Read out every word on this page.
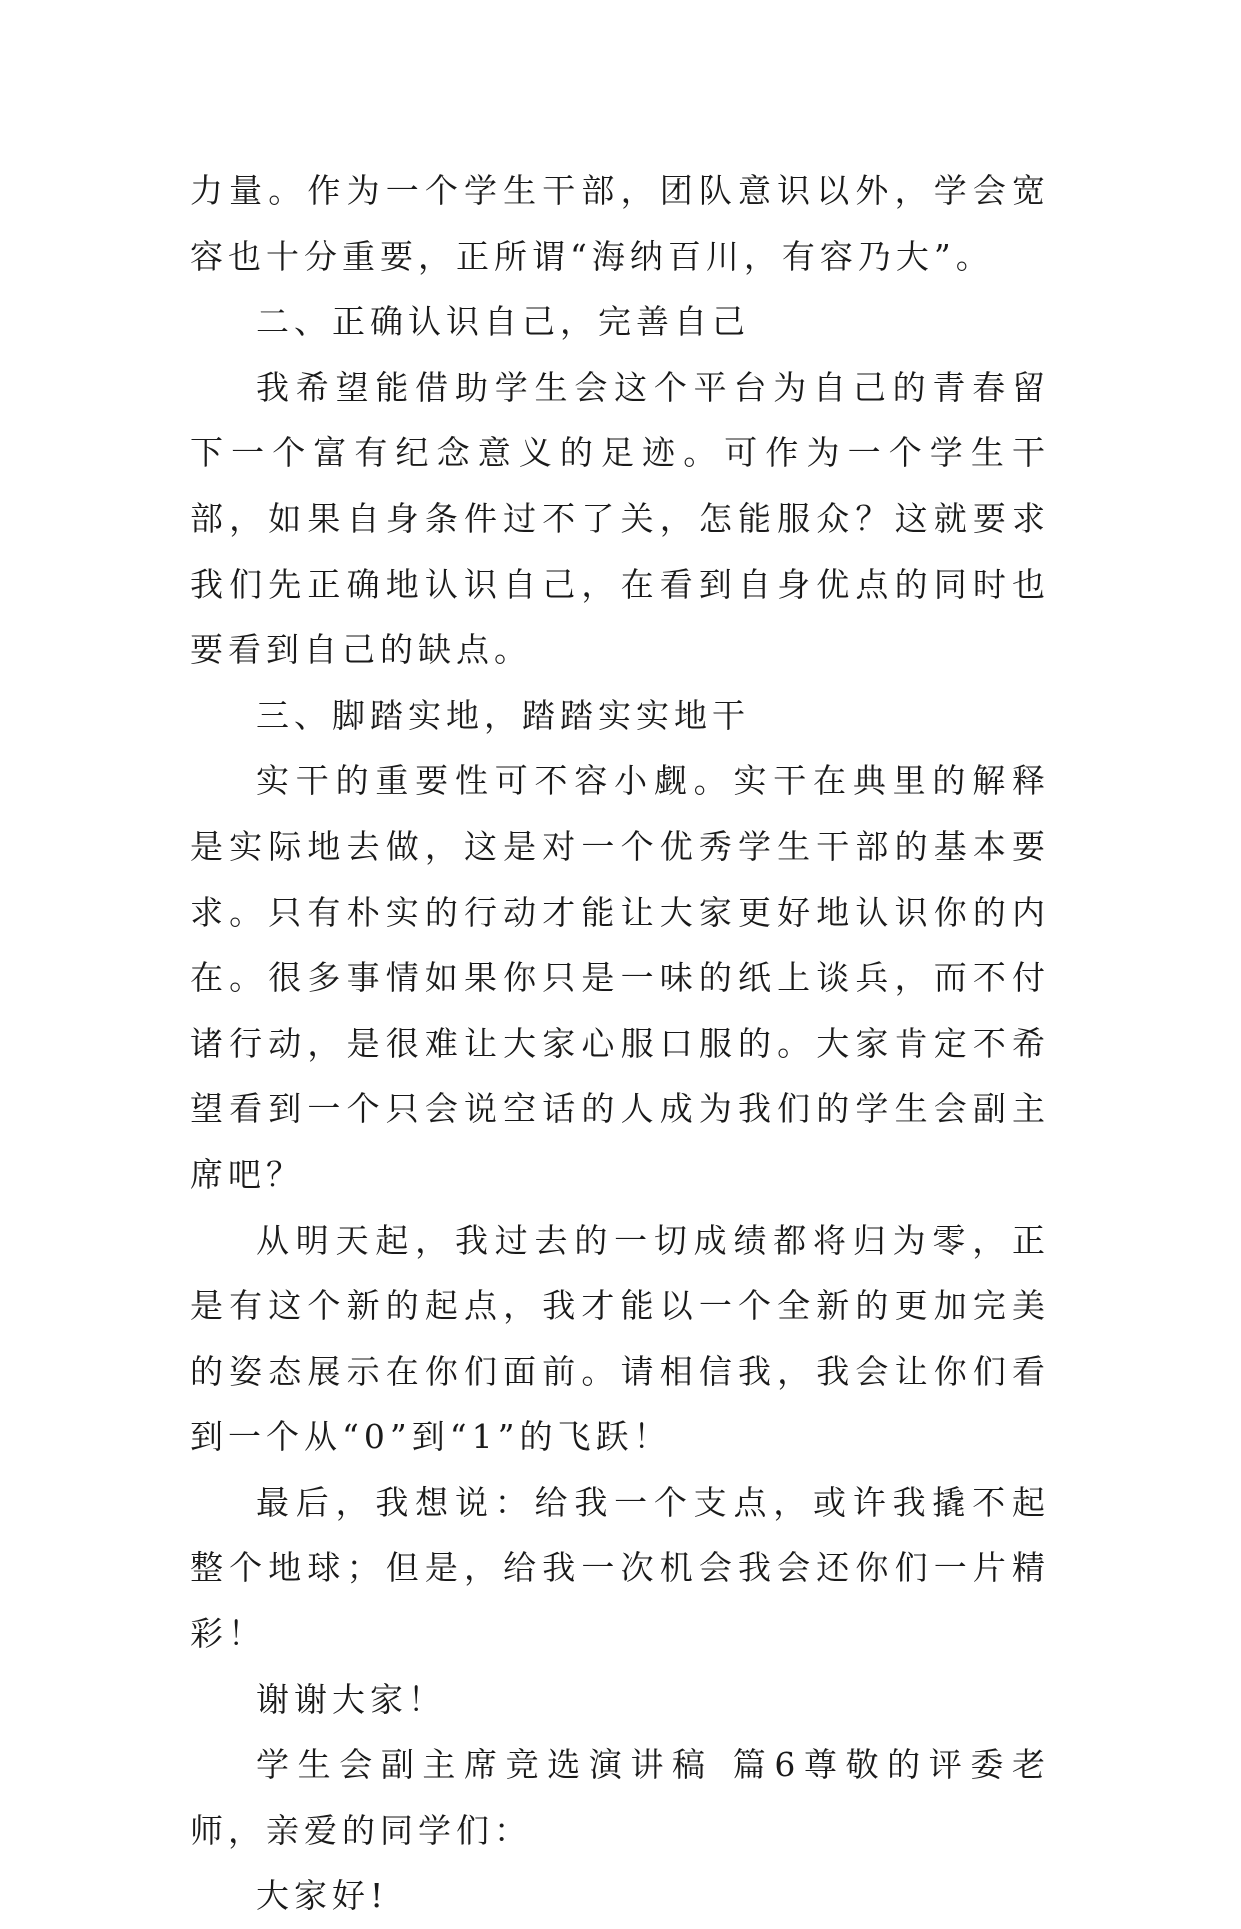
力量。作为一个学生干部，团队意识以外，学会宽容也十分重要，正所谓“海纳百川，有容乃大”。

二、正确认识自己，完善自己

我希望能借助学生会这个平台为自己的青春留下一个富有纪念意义的足迹。可作为一个学生干部，如果自身条件过不了关，怎能服众？这就要求我们先正确地认识自己，在看到自身优点的同时也要看到自己的缺点。

三、脚踏实地，踏踏实实地干

实干的重要性可不容小觑。实干在典里的解释是实际地去做，这是对一个优秀学生干部的基本要求。只有朴实的行动才能让大家更好地认识你的内在。很多事情如果你只是一味的纸上谈兵，而不付诸行动，是很难让大家心服口服的。大家肯定不希望看到一个只会说空话的人成为我们的学生会副主席吧？

从明天起，我过去的一切成绩都将归为零，正是有这个新的起点，我才能以一个全新的更加完美的姿态展示在你们面前。请相信我，我会让你们看到一个从“0”到“1”的飞跃！

最后，我想说：给我一个支点，或许我撬不起整个地球；但是，给我一次机会我会还你们一片精彩！

谢谢大家！

学生会副主席竞选演讲稿 篇6尊敬的评委老师，亲爱的同学们：

大家好!
